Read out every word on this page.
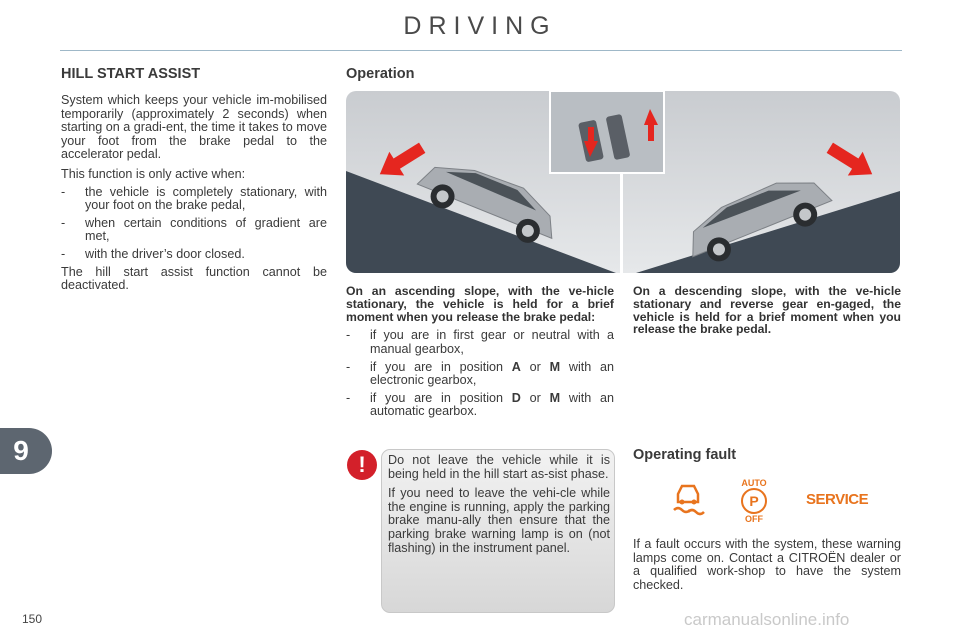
DRIVING
HILL START ASSIST

System which keeps your vehicle im-mobilised temporarily (approximately 2 seconds) when starting on a gradi-ent, the time it takes to move your foot from the brake pedal to the accelerator pedal.

This function is only active when:

- the vehicle is completely stationary, with your foot on the brake pedal,
- when certain conditions of gradient are met,
- with the driver’s door closed.

The hill start assist function cannot be deactivated.

Operation
On an ascending slope, with the ve-hicle stationary, the vehicle is held for a brief moment when you release the brake pedal:
- if you are in first gear or neutral with a manual gearbox,
- if you are in position A or M with an electronic gearbox,
- if you are in position D or M with an automatic gearbox.
On a descending slope, with the ve-hicle stationary and reverse gear en-gaged, the vehicle is held for a brief moment when you release the brake pedal.
!	Do not leave the vehicle while it is being held in the hill start as-sist phase.

If you need to leave the vehi-cle while the engine is running, apply the parking brake manu-ally then ensure that the parking brake warning lamp is on (not flashing) in the instrument panel.

Operating fault
AUTO
P
OFF
SERVICE
If a fault occurs with the system, these warning lamps come on. Contact a CITROËN dealer or a qualified work-shop to have the system checked.
9
150	carmanualsonline.info
